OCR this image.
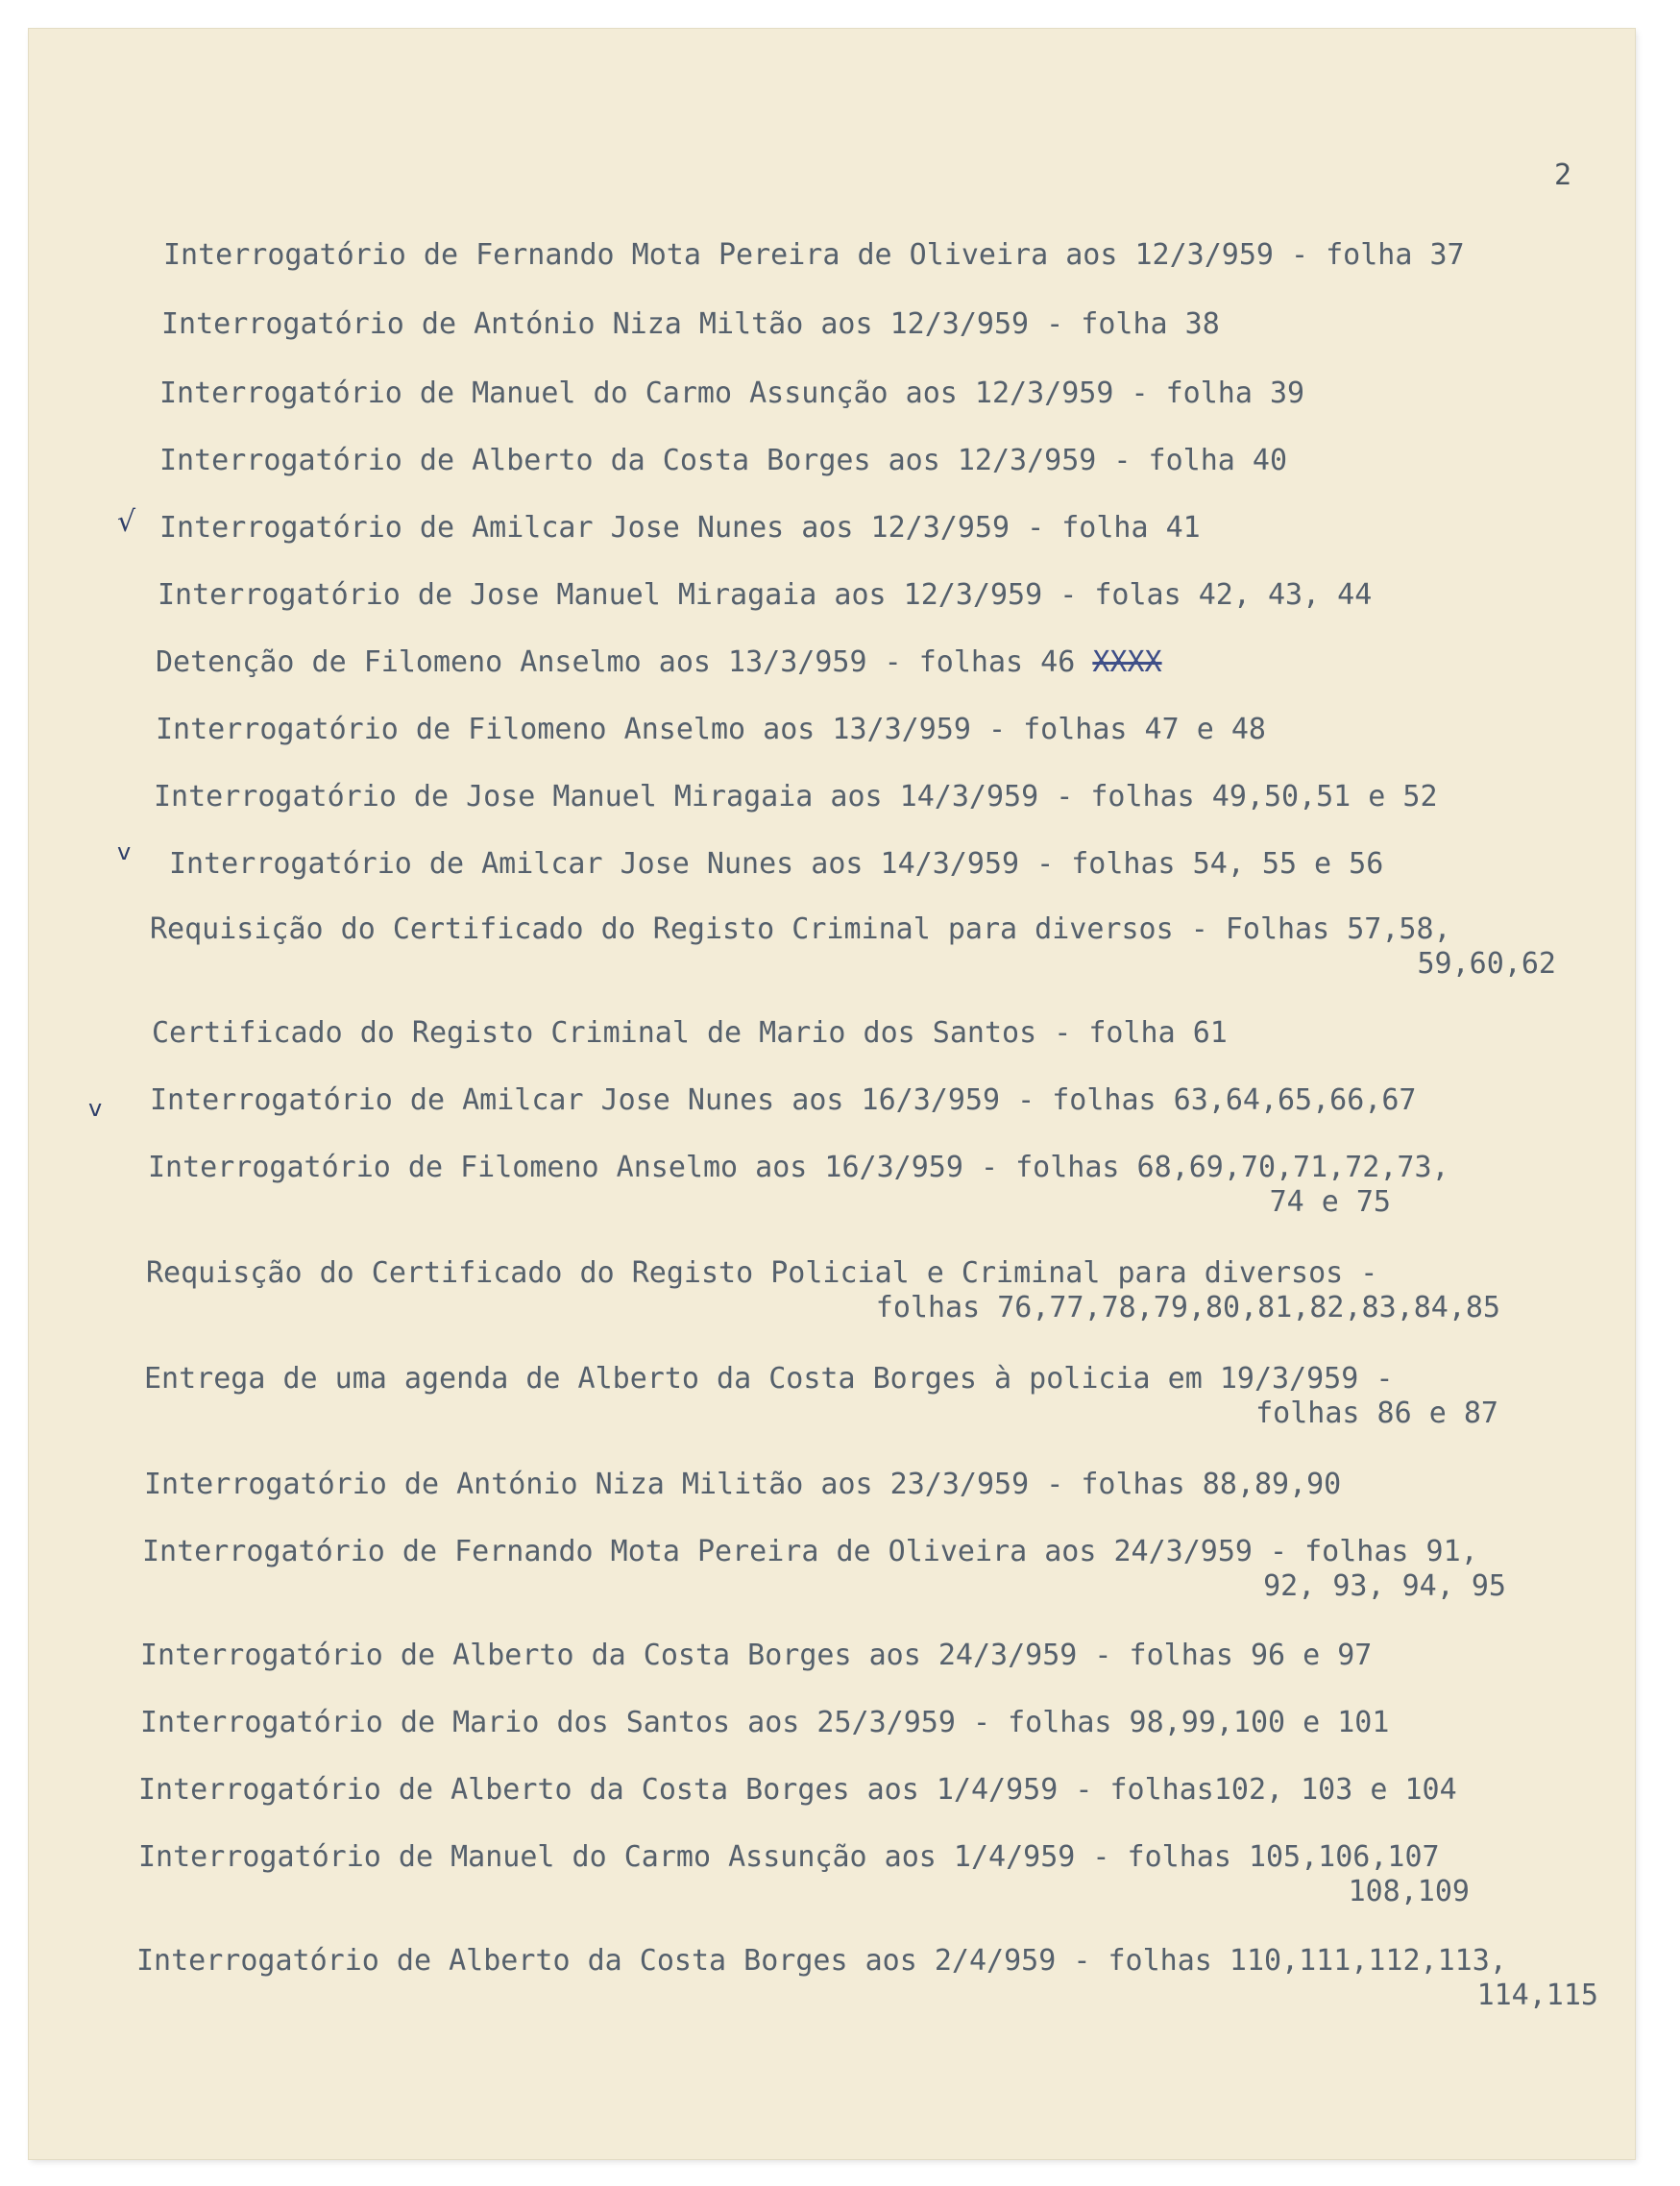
2
√
v
v
Interrogatório de Fernando Mota Pereira de Oliveira aos 12/3/959 - folha 37
Interrogatório de António Niza Miltão aos 12/3/959 - folha 38
Interrogatório de Manuel do Carmo Assunção aos 12/3/959 - folha 39
Interrogatório de Alberto da Costa Borges aos 12/3/959 - folha 40
Interrogatório de Amilcar Jose Nunes aos 12/3/959 - folha 41
Interrogatório de Jose Manuel Miragaia aos 12/3/959 - folas 42, 43, 44
Detenção de Filomeno Anselmo aos 13/3/959 - folhas 46 XXXX
Interrogatório de Filomeno Anselmo aos 13/3/959 - folhas 47 e 48
Interrogatório de Jose Manuel Miragaia aos 14/3/959 - folhas 49,50,51 e 52
Interrogatório de Amilcar Jose Nunes aos 14/3/959 - folhas 54, 55 e 56
Requisição do Certificado do Registo Criminal para diversos - Folhas 57,58,
59,60,62
Certificado do Registo Criminal de Mario dos Santos - folha 61
Interrogatório de Amilcar Jose Nunes aos 16/3/959 - folhas 63,64,65,66,67
Interrogatório de Filomeno Anselmo aos 16/3/959 - folhas 68,69,70,71,72,73,
74 e 75
Requisção do Certificado do Registo Policial e Criminal para diversos -
folhas 76,77,78,79,80,81,82,83,84,85
Entrega de uma agenda de Alberto da Costa Borges à policia em 19/3/959 -
folhas 86 e 87
Interrogatório de António Niza Militão aos 23/3/959 - folhas 88,89,90
Interrogatório de Fernando Mota Pereira de Oliveira aos 24/3/959 - folhas 91,
92, 93, 94, 95
Interrogatório de Alberto da Costa Borges aos 24/3/959 - folhas 96 e 97
Interrogatório de Mario dos Santos aos 25/3/959 - folhas 98,99,100 e 101
Interrogatório de Alberto da Costa Borges aos 1/4/959 - folhas102, 103 e 104
Interrogatório de Manuel do Carmo Assunção aos 1/4/959 - folhas 105,106,107
108,109
Interrogatório de Alberto da Costa Borges aos 2/4/959 - folhas 110,111,112,113,
114,115
